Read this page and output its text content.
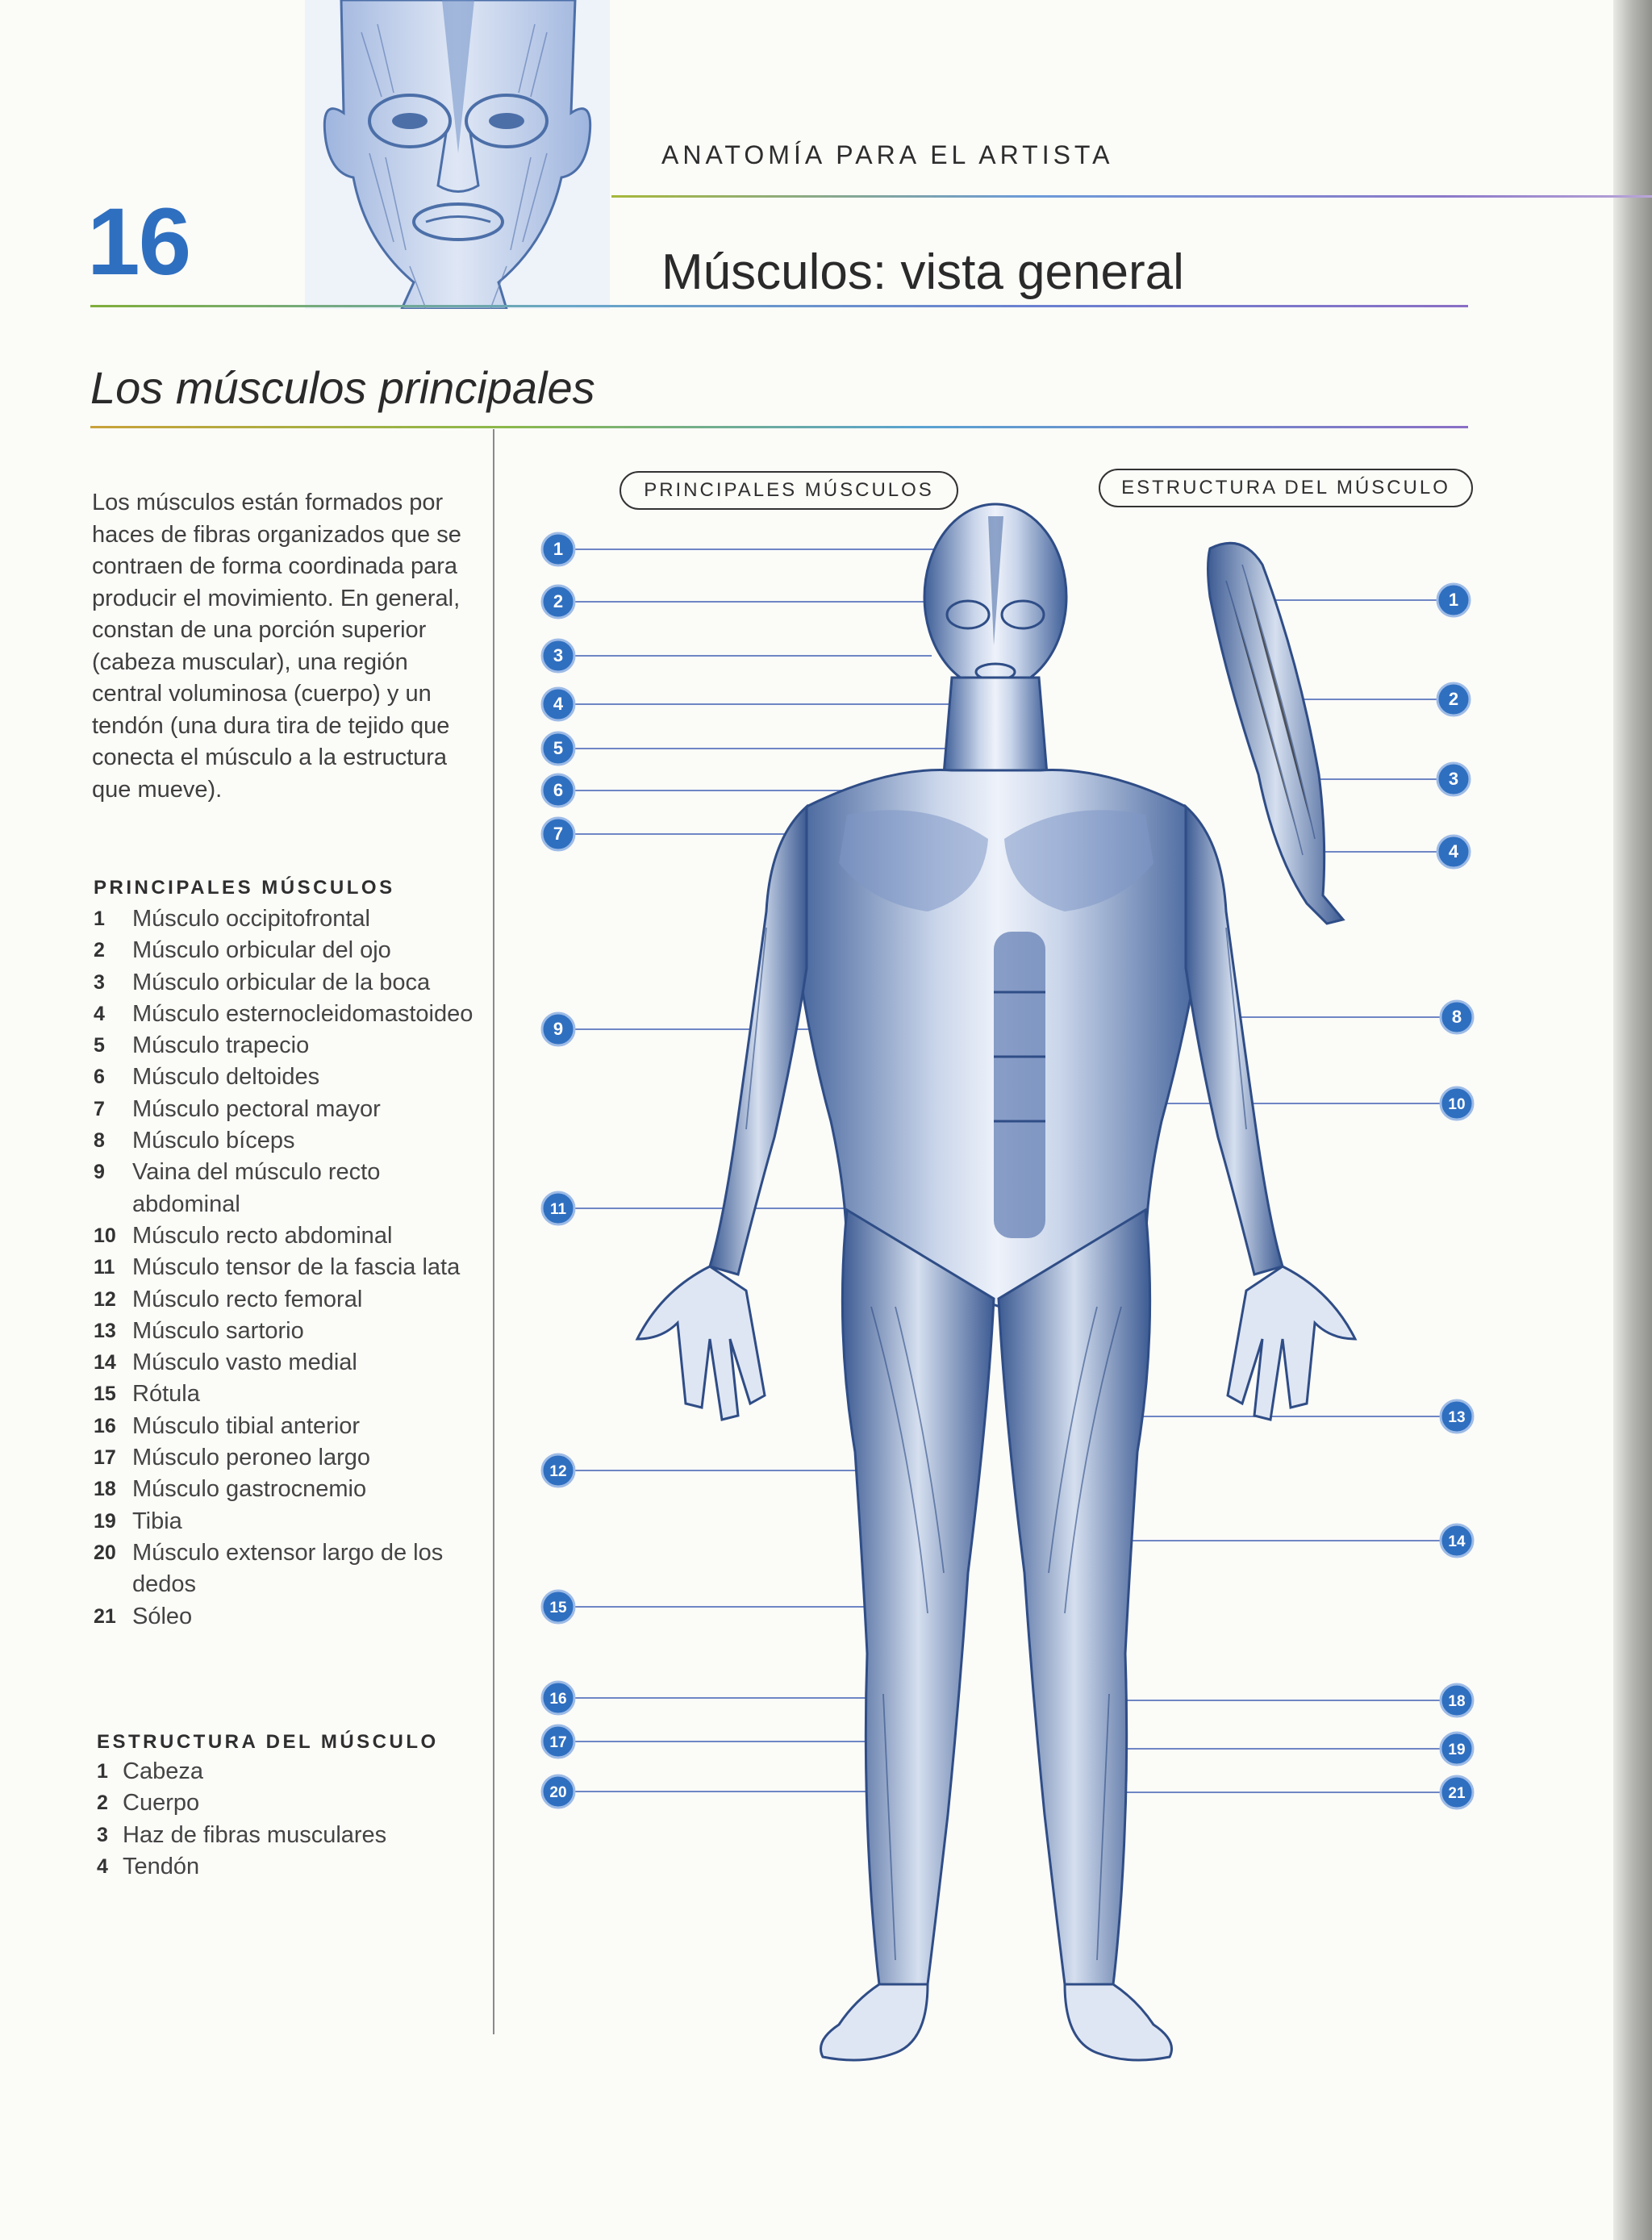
ANATOMÍA PARA EL ARTISTA
16	Músculos: vista general
Los músculos principales
Los músculos están formados por haces de fibras organizados que se contraen de forma coordinada para producir el movimiento. En general, constan de una porción superior (cabeza muscular), una región central voluminosa (cuerpo) y un tendón (una dura tira de tejido que conecta el músculo a la estructura que mueve).
PRINCIPALES MÚSCULOS
1 Músculo occipitofrontal
2 Músculo orbicular del ojo
3 Músculo orbicular de la boca
4 Músculo esternocleidomastoideo
5 Músculo trapecio
6 Músculo deltoides
7 Músculo pectoral mayor
8 Músculo bíceps
9 Vaina del músculo recto abdominal
10 Músculo recto abdominal
11 Músculo tensor de la fascia lata
12 Músculo recto femoral
13 Músculo sartorio
14 Músculo vasto medial
15 Rótula
16 Músculo tibial anterior
17 Músculo peroneo largo
18 Músculo gastrocnemio
19 Tibia
20 Músculo extensor largo de los dedos
21 Sóleo
ESTRUCTURA DEL MÚSCULO
1 Cabeza
2 Cuerpo
3 Haz de fibras musculares
4 Tendón
PRINCIPALES MÚSCULOS	ESTRUCTURA DEL MÚSCULO
1
2
3
4
5
6
7
9
11
12
15
16
17
20
8
10
13
14
18
19
21
1
2
3
4
